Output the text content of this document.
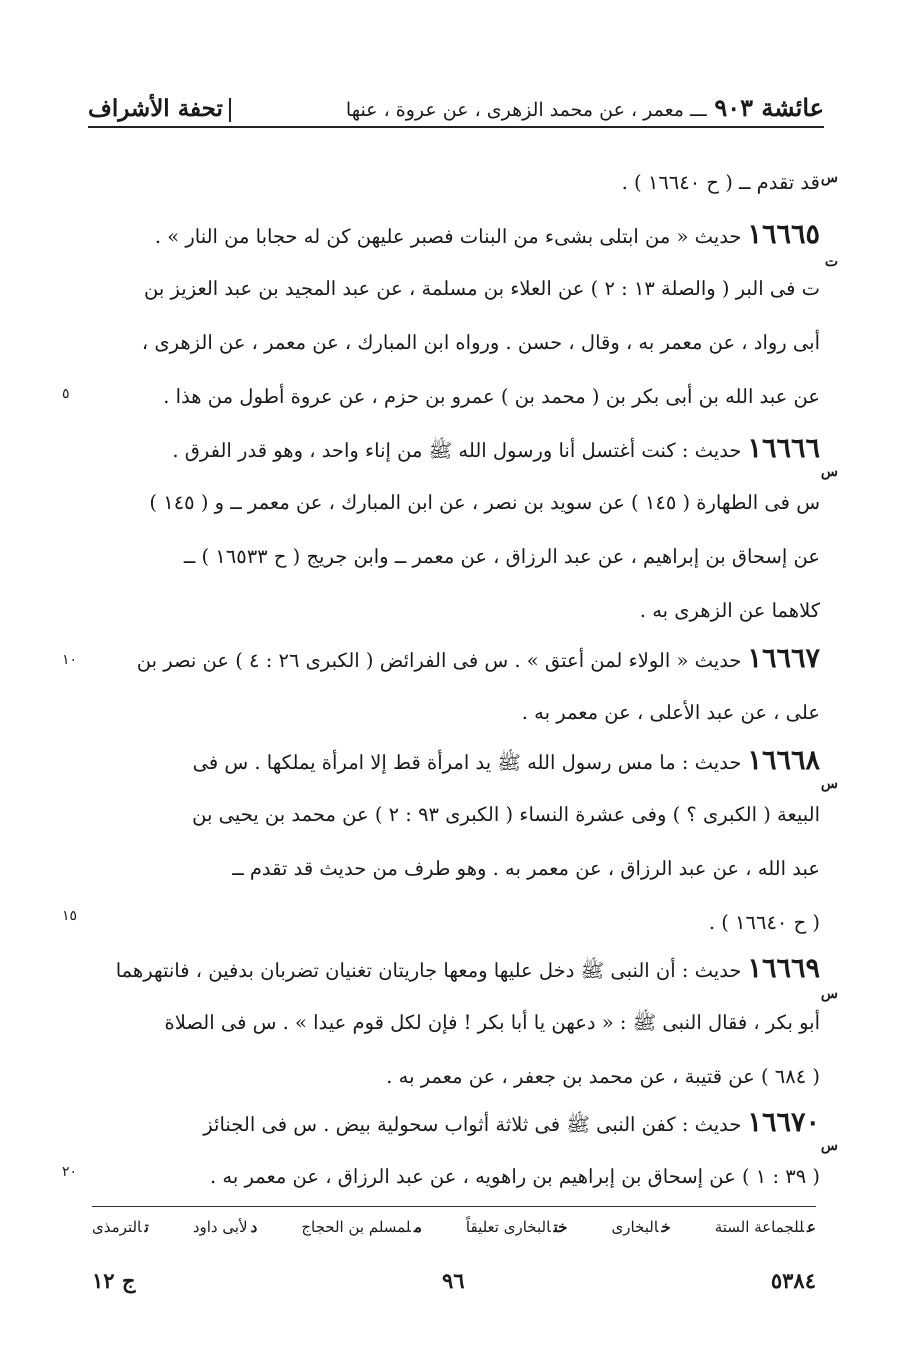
تحفة الأشراف	عائشة ٩٠٣ ـــ معمر ، عن محمد الزهرى ، عن عروة ، عنها
قد تقدم ــ ( ح ١٦٦٤٠ ) .
١٦٦٦٥حديث « من ابتلى بشىء من البنات فصبر عليهن كن له حجابا من النار » .
ت فى البر ( والصلة ١٣ : ٢ ) عن العلاء بن مسلمة ، عن عبد المجيد بن عبد العزيز بن
أبى رواد ، عن معمر به ، وقال ، حسن . ورواه ابن المبارك ، عن معمر ، عن الزهرى ،
عن عبد الله بن أبى بكر بن ( محمد بن ) عمرو بن حزم ، عن عروة أطول من هذا .
ت
١٦٦٦٦حديث : كنت أغتسل أنا ورسول الله ﷺ من إناء واحد ، وهو قدر الفرق .
س فى الطهارة ( ١٤٥ ) عن سويد بن نصر ، عن ابن المبارك ، عن معمر ــ و ( ١٤٥ )
عن إسحاق بن إبراهيم ، عن عبد الرزاق ، عن معمر ــ وابن جريج ( ح ١٦٥٣٣ ) ــ
كلاهما عن الزهرى به .
س
١٦٦٦٧حديث « الولاء لمن أعتق » . س فى الفرائض ( الكبرى ٢٦ : ٤ ) عن نصر بن
على ، عن عبد الأعلى ، عن معمر به .
س
١٦٦٦٨حديث : ما مس رسول الله ﷺ يد امرأة قط إلا امرأة يملكها . س فى
البيعة ( الكبرى ؟ ) وفى عشرة النساء ( الكبرى ٩٣ : ٢ ) عن محمد بن يحيى بن
عبد الله ، عن عبد الرزاق ، عن معمر به . وهو طرف من حديث قد تقدم ــ
( ح ١٦٦٤٠ ) .
س
١٦٦٦٩حديث : أن النبى ﷺ دخل عليها ومعها جاريتان تغنيان تضربان بدفين ، فانتهرهما
أبو بكر ، فقال النبى ﷺ : « دعهن يا أبا بكر ! فإن لكل قوم عيدا » . س فى الصلاة
( ٦٨٤ ) عن قتيبة ، عن محمد بن جعفر ، عن معمر به .
س
١٦٦٧٠حديث : كفن النبى ﷺ فى ثلاثة أثواب سحولية بيض . س فى الجنائز
( ٣٩ : ١ ) عن إسحاق بن إبراهيم بن راهويه ، عن عبد الرزاق ، عن معمر به .
س
٥
١٠
١٥
٢٠
عللجماعة الستة
خالبخارى
ختالبخارى تعليقاً
ملمسلم بن الحجاج
دلأبى داود
تالترمذى
٥٣٨٤
٩٦
ج ١٢
